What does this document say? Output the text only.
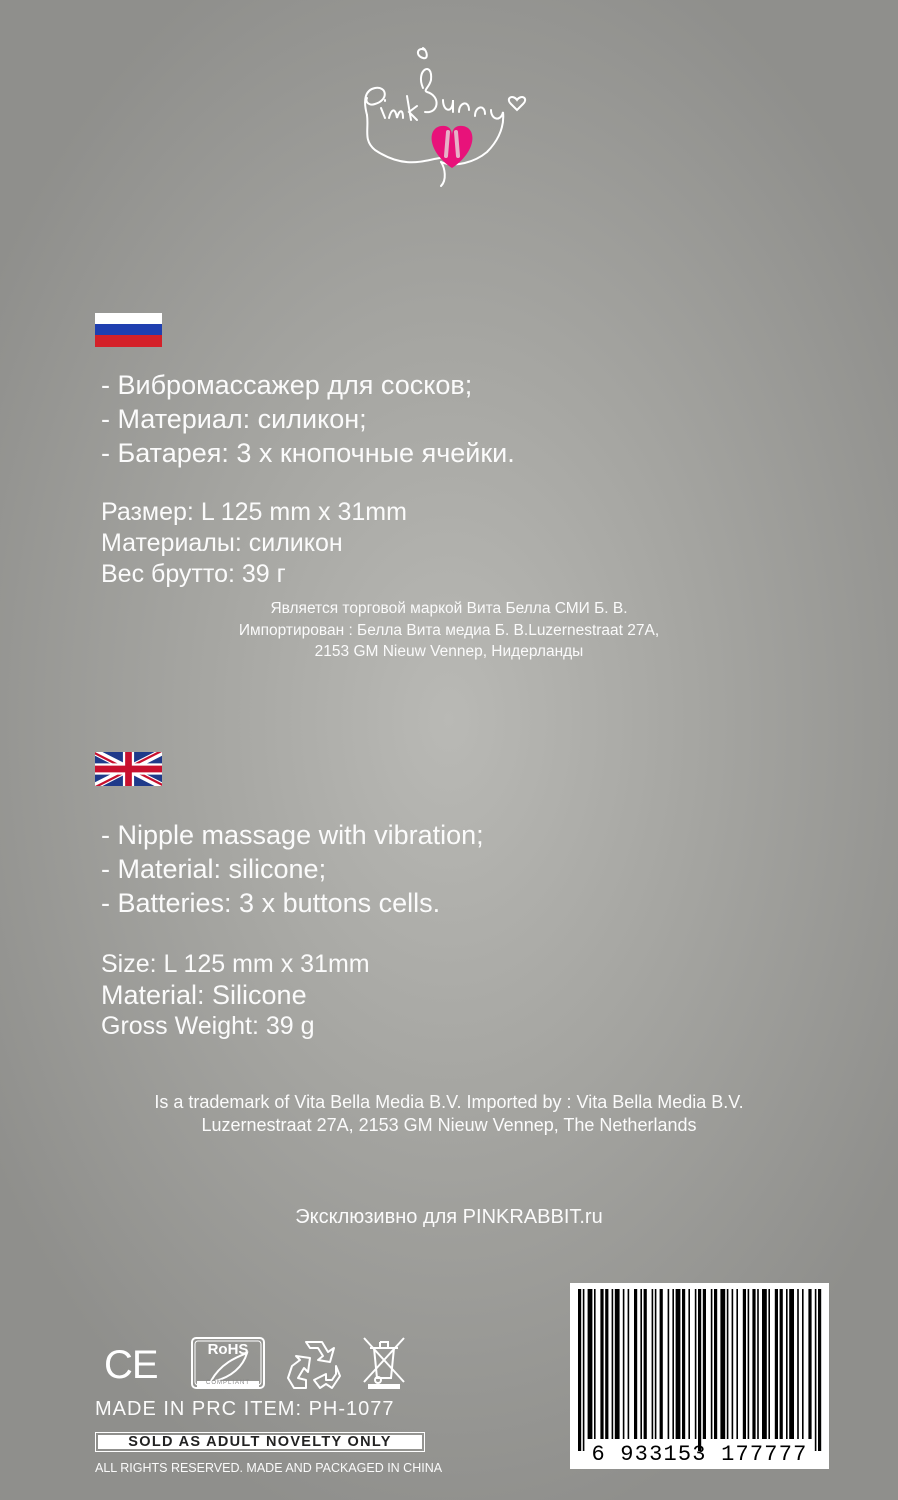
- Вибромассажер для сосков;
- Материал: силикон;
- Батарея: 3 х кнопочные ячейки.
Размер: L 125 mm x 31mm
Материалы: силикон
Вес брутто: 39 г
Является торговой маркой Вита Белла СМИ Б. В.
Импортирован : Белла Вита медиа Б. В.Luzernestraat 27A,
2153 GM Nieuw Vennep, Нидерланды
- Nipple massage with vibration;
- Material: silicone;
- Batteries: 3 x buttons cells.
Size: L 125 mm x 31mm
Material: Silicone
Gross Weight: 39 g
Is a trademark of Vita Bella Media B.V. Imported by : Vita Bella Media B.V.
Luzernestraat 27A, 2153 GM Nieuw Vennep, The Netherlands
Эксклюзивно для PINKRABBIT.ru
CE	RoHS
COMPLIANT
MADE IN PRC ITEM: PH-1077
SOLD AS ADULT NOVELTY ONLY
ALL RIGHTS RESERVED. MADE AND PACKAGED IN CHINA
6 933153 177777
